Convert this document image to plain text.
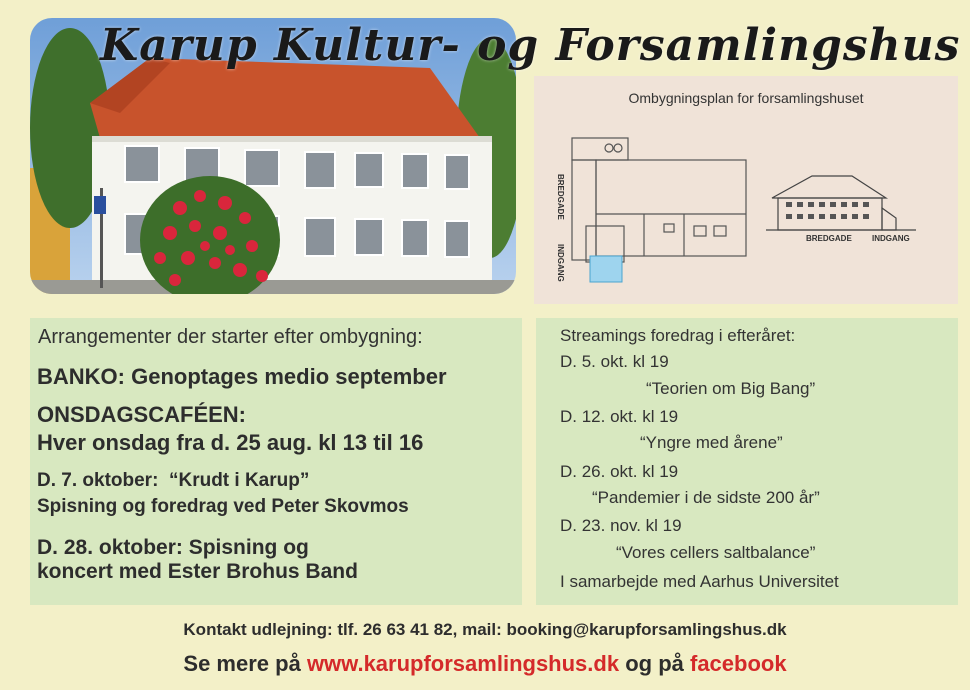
Karup Kultur- og Forsamlingshus
Ombygningsplan for forsamlingshuset
BREDGADE
INDGANG
BREDGADE	INDGANG
Arrangementer der starter efter ombygning:
BANKO: Genoptages medio september
ONSDAGSCAFÉEN:
Hver onsdag fra d. 25 aug. kl 13 til 16
D. 7. oktober: “Krudt i Karup”
Spisning og foredrag ved Peter Skovmos
D. 28. oktober: Spisning og
koncert med Ester Brohus Band
Streamings foredrag i efteråret:
D. 5. okt. kl 19
“Teorien om Big Bang”
D. 12. okt. kl 19
“Yngre med årene”
D. 26. okt. kl 19
“Pandemier i de sidste 200 år”
D. 23. nov. kl 19
“Vores cellers saltbalance”
I samarbejde med Aarhus Universitet
Kontakt udlejning: tlf. 26 63 41 82, mail: booking@karupforsamlingshus.dk
Se mere på www.karupforsamlingshus.dk og på facebook
